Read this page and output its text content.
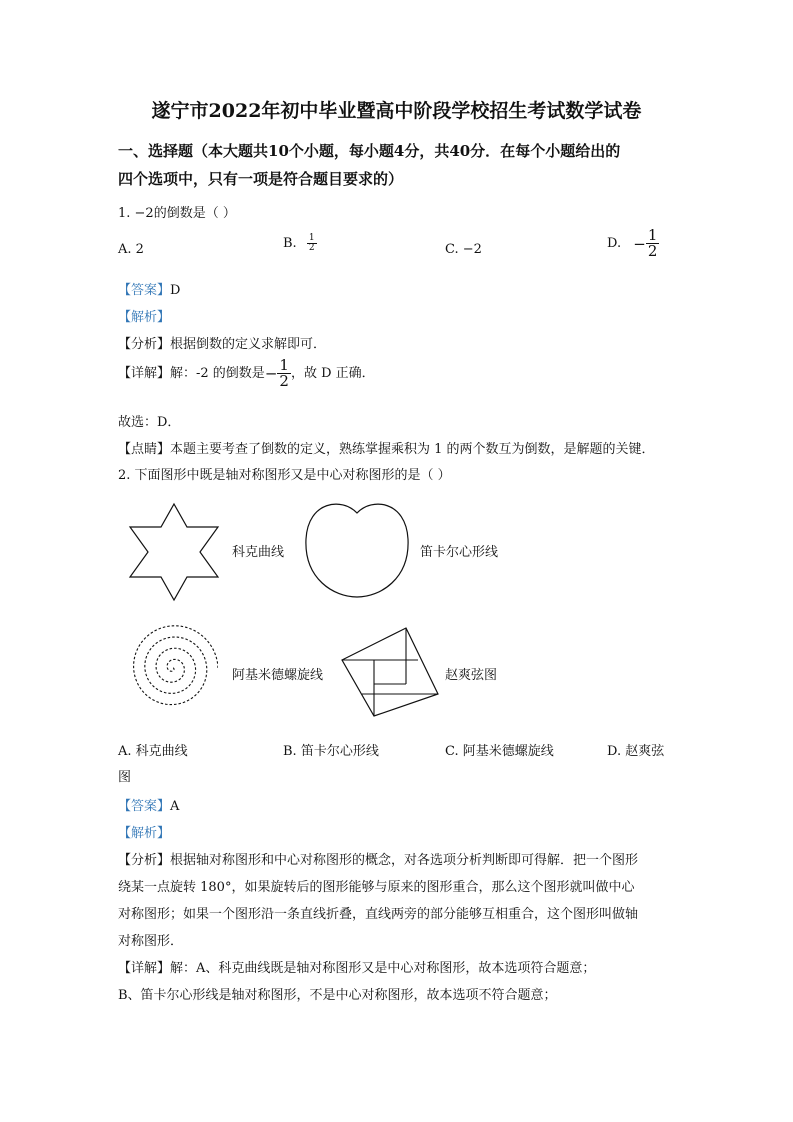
遂宁市2022年初中毕业暨高中阶段学校招生考试数学试卷
一、选择题（本大题共10个小题，每小题4分，共40分．在每个小题给出的
四个选项中，只有一项是符合题目要求的）
1. −2的倒数是（ ）
A. 2	B. $\frac{1}{2}$	C. −2	D. − $\frac{1}{2}$
【答案】D
【解析】
【分析】根据倒数的定义求解即可．
【详解】解：-2 的倒数是− $\frac{1}{2}$ ，故 D 正确．
故选：D．
【点睛】本题主要考查了倒数的定义，熟练掌握乘积为 1 的两个数互为倒数，是解题的关键．
2. 下面图形中既是轴对称图形又是中心对称图形的是（ ）
科克曲线	笛卡尔心形线
阿基米德螺旋线	赵爽弦图
A. 科克曲线	B. 笛卡尔心形线	C. 阿基米德螺旋线	D. 赵爽弦
图
【答案】A
【解析】
【分析】根据轴对称图形和中心对称图形的概念，对各选项分析判断即可得解．把一个图形
绕某一点旋转 180°，如果旋转后的图形能够与原来的图形重合，那么这个图形就叫做中心
对称图形；如果一个图形沿一条直线折叠，直线两旁的部分能够互相重合，这个图形叫做轴
对称图形．
【详解】解：A、科克曲线既是轴对称图形又是中心对称图形，故本选项符合题意；
B、笛卡尔心形线是轴对称图形，不是中心对称图形，故本选项不符合题意；
